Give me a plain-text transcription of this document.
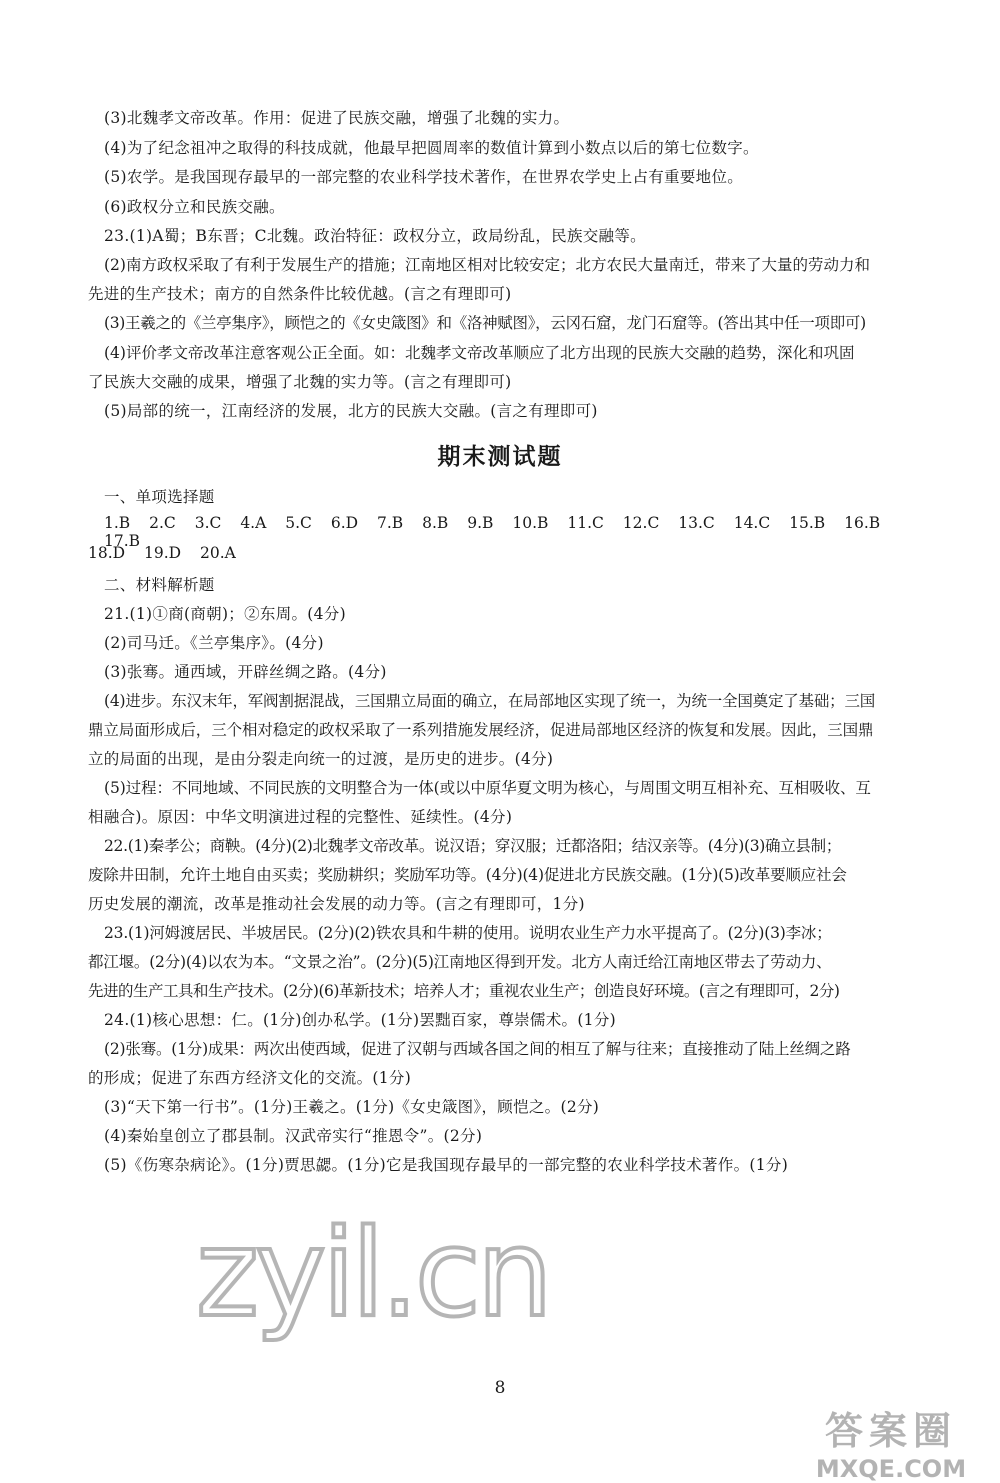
(3)北魏孝文帝改革。作用：促进了民族交融，增强了北魏的实力。
(4)为了纪念祖冲之取得的科技成就，他最早把圆周率的数值计算到小数点以后的第七位数字。
(5)农学。是我国现存最早的一部完整的农业科学技术著作，在世界农学史上占有重要地位。
(6)政权分立和民族交融。
23.(1)A蜀；B东晋；C北魏。政治特征：政权分立，政局纷乱，民族交融等。
(2)南方政权采取了有利于发展生产的措施；江南地区相对比较安定；北方农民大量南迁，带来了大量的劳动力和
先进的生产技术；南方的自然条件比较优越。(言之有理即可)
(3)王羲之的《兰亭集序》，顾恺之的《女史箴图》和《洛神赋图》，云冈石窟，龙门石窟等。(答出其中任一项即可)
(4)评价孝文帝改革注意客观公正全面。如：北魏孝文帝改革顺应了北方出现的民族大交融的趋势，深化和巩固
了民族大交融的成果，增强了北魏的实力等。(言之有理即可)
(5)局部的统一，江南经济的发展，北方的民族大交融。(言之有理即可)
期末测试题
一、单项选择题
1.B 2.C 3.C 4.A 5.C 6.D 7.B 8.B 9.B 10.B 11.C 12.C 13.C 14.C 15.B 16.B 17.B
18.D 19.D 20.A
二、材料解析题
21.(1)①商(商朝)；②东周。(4分)
(2)司马迁。《兰亭集序》。(4分)
(3)张骞。通西域，开辟丝绸之路。(4分)
(4)进步。东汉末年，军阀割据混战，三国鼎立局面的确立，在局部地区实现了统一，为统一全国奠定了基础；三国
鼎立局面形成后，三个相对稳定的政权采取了一系列措施发展经济，促进局部地区经济的恢复和发展。因此，三国鼎
立的局面的出现，是由分裂走向统一的过渡，是历史的进步。(4分)
(5)过程：不同地域、不同民族的文明整合为一体(或以中原华夏文明为核心，与周围文明互相补充、互相吸收、互
相融合)。原因：中华文明演进过程的完整性、延续性。(4分)
22.(1)秦孝公；商鞅。(4分)(2)北魏孝文帝改革。说汉语；穿汉服；迁都洛阳；结汉亲等。(4分)(3)确立县制；
废除井田制，允许土地自由买卖；奖励耕织；奖励军功等。(4分)(4)促进北方民族交融。(1分)(5)改革要顺应社会
历史发展的潮流，改革是推动社会发展的动力等。(言之有理即可，1分)
23.(1)河姆渡居民、半坡居民。(2分)(2)铁农具和牛耕的使用。说明农业生产力水平提高了。(2分)(3)李冰；
都江堰。(2分)(4)以农为本。“文景之治”。(2分)(5)江南地区得到开发。北方人南迁给江南地区带去了劳动力、
先进的生产工具和生产技术。(2分)(6)革新技术；培养人才；重视农业生产；创造良好环境。(言之有理即可，2分)
24.(1)核心思想：仁。(1分)创办私学。(1分)罢黜百家，尊崇儒术。(1分)
(2)张骞。(1分)成果：两次出使西域，促进了汉朝与西域各国之间的相互了解与往来；直接推动了陆上丝绸之路
的形成；促进了东西方经济文化的交流。(1分)
(3)“天下第一行书”。(1分)王羲之。(1分)《女史箴图》，顾恺之。(2分)
(4)秦始皇创立了郡县制。汉武帝实行“推恩令”。(2分)
(5)《伤寒杂病论》。(1分)贾思勰。(1分)它是我国现存最早的一部完整的农业科学技术著作。(1分)
zyil.cn
8
答案圈
MXQE.COM
